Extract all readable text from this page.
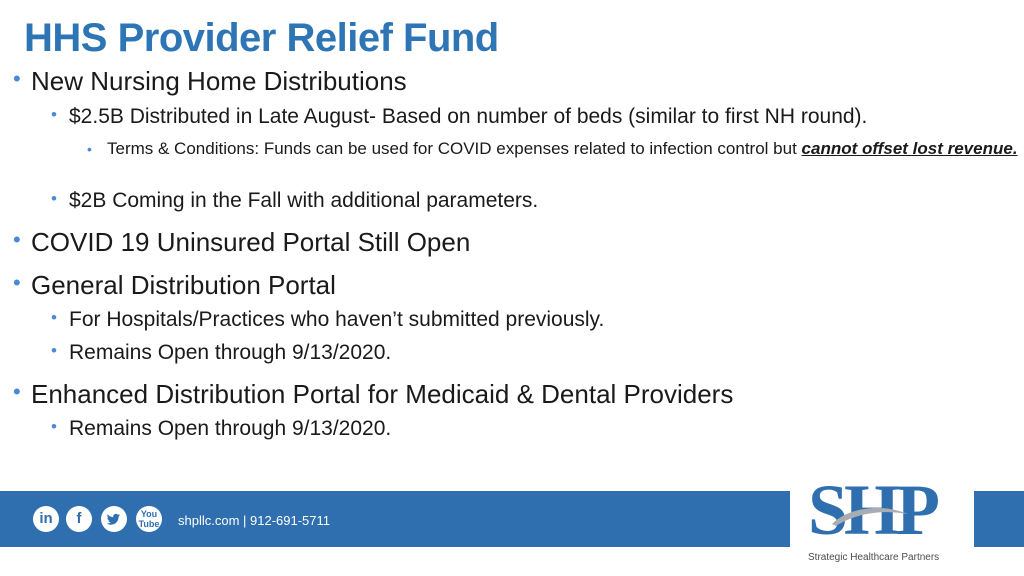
HHS Provider Relief Fund
• New Nursing Home Distributions
• $2.5B Distributed in Late August- Based on number of beds (similar to first NH round).
• Terms & Conditions: Funds can be used for COVID expenses related to infection control but cannot offset lost revenue.
• $2B Coming in the Fall with additional parameters.
• COVID 19 Uninsured Portal Still Open
• General Distribution Portal
• For Hospitals/Practices who haven’t submitted previously.
• Remains Open through 9/13/2020.
• Enhanced Distribution Portal for Medicaid & Dental Providers
• Remains Open through 9/13/2020.
in	f	You
Tube shpllc.com | 912-691-5711	SHP
Strategic Healthcare Partners
